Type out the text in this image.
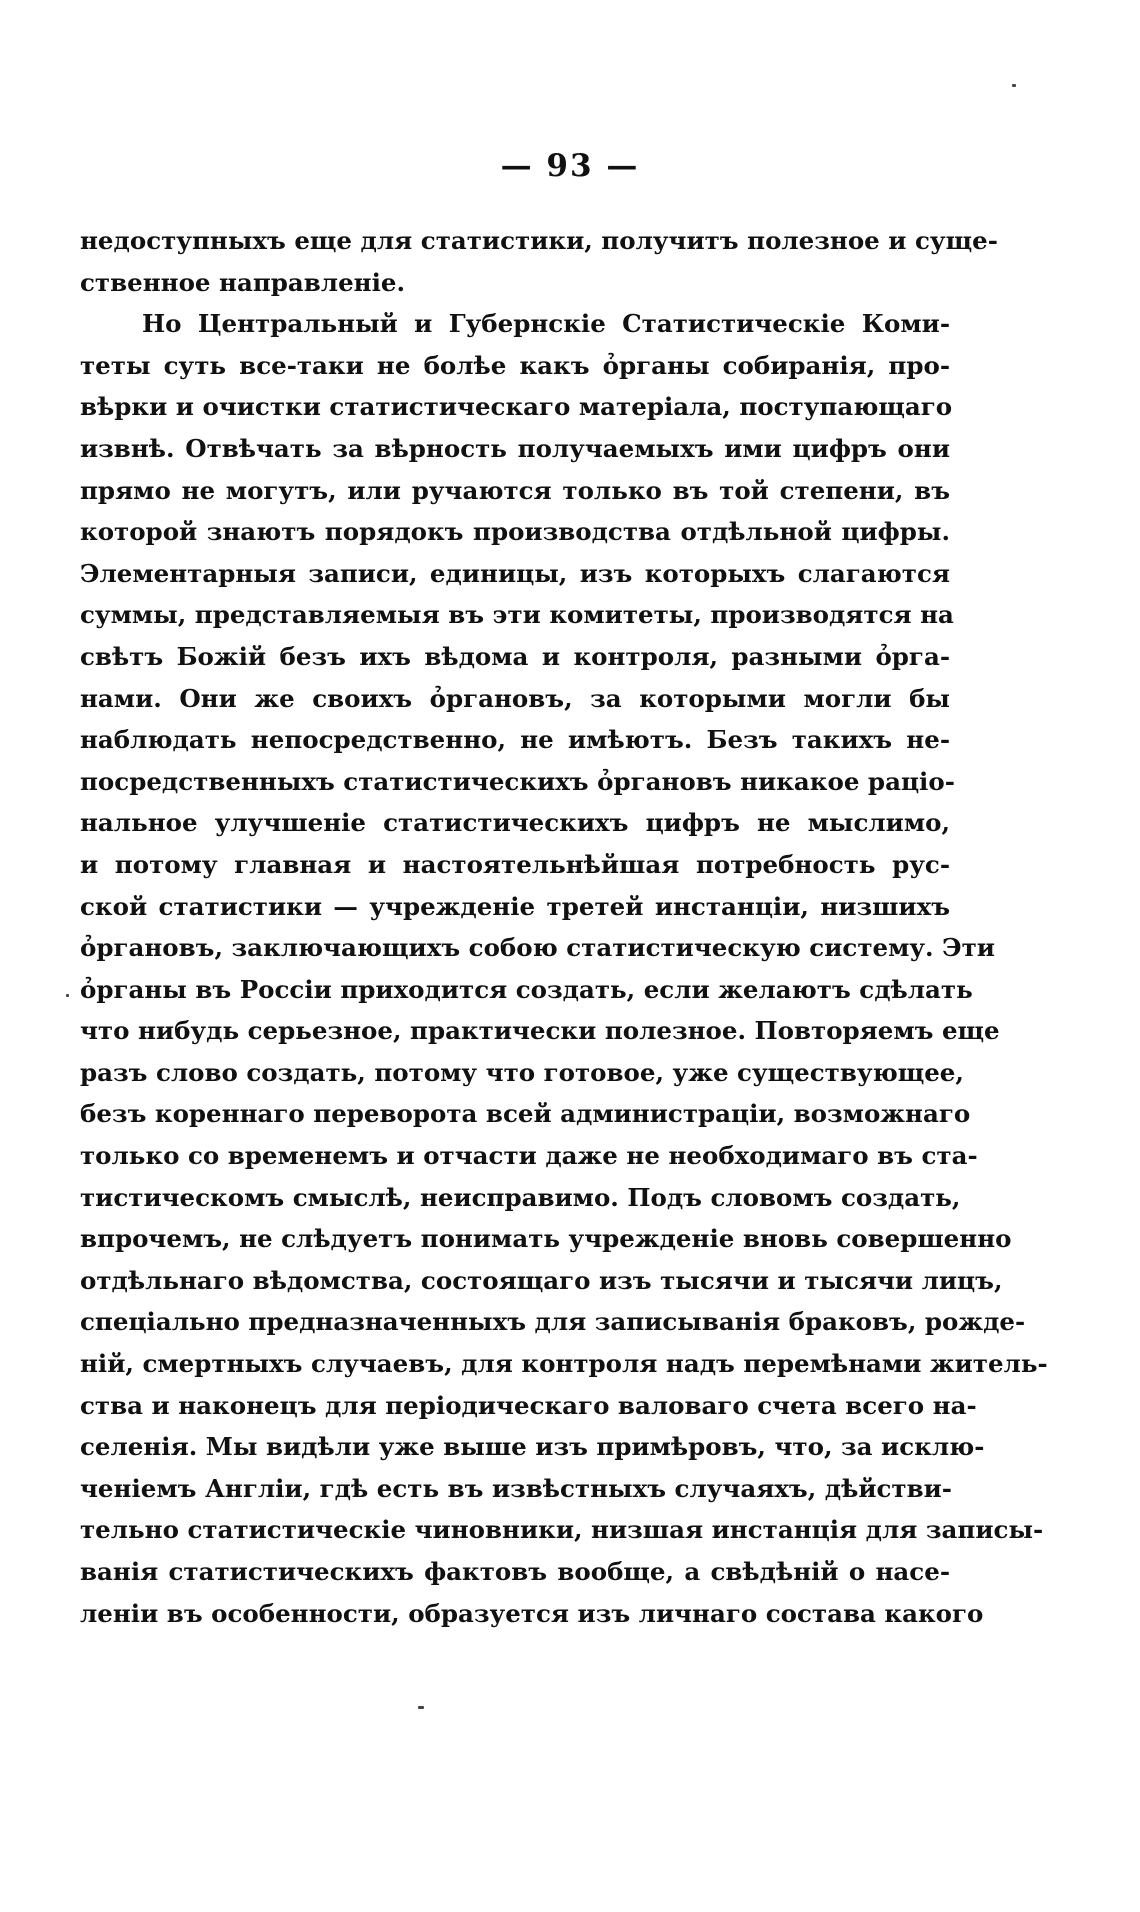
— 93 —
недоступныхъ еще для статистики, получитъ полезное и суще-
ственное направленіе.
Но Центральный и Губернскіе Статистическіе Коми-
теты суть все-таки не болѣе какъ ỏрганы собиранія, про-
вѣрки и очистки статистическаго матеріала, поступающаго
извнѣ. Отвѣчать за вѣрность получаемыхъ ими цифръ они
прямо не могутъ, или ручаются только въ той степени, въ
которой знаютъ порядокъ производства отдѣльной цифры.
Элементарныя записи, единицы, изъ которыхъ слагаются
суммы, представляемыя въ эти комитеты, производятся на
свѣтъ Божій безъ ихъ вѣдома и контроля, разными ỏрга-
нами. Они же своихъ ỏргановъ, за которыми могли бы
наблюдать непосредственно, не имѣютъ. Безъ такихъ не-
посредственныхъ статистическихъ ỏргановъ никакое раціо-
нальное улучшеніе статистическихъ цифръ не мыслимо,
и потому главная и настоятельнѣйшая потребность рус-
ской статистики — учрежденіе третей инстанціи, низшихъ
ỏргановъ, заключающихъ собою статистическую систему. Эти
ỏрганы въ Россіи приходится создать, если желаютъ сдѣлать
что нибудь серьезное, практически полезное. Повторяемъ еще
разъ слово создать, потому что готовое, уже существующее,
безъ кореннаго переворота всей администраціи, возможнаго
только со временемъ и отчасти даже не необходимаго въ ста-
тистическомъ смыслѣ, неисправимо. Подъ словомъ создать,
впрочемъ, не слѣдуетъ понимать учрежденіе вновь совершенно
отдѣльнаго вѣдомства, состоящаго изъ тысячи и тысячи лицъ,
спеціально предназначенныхъ для записыванія браковъ, рожде-
ній, смертныхъ случаевъ, для контроля надъ перемѣнами житель-
ства и наконецъ для періодическаго валоваго счета всего на-
селенія. Мы видѣли уже выше изъ примѣровъ, что, за исклю-
ченіемъ Англіи, гдѣ есть въ извѣстныхъ случаяхъ, дѣйстви-
тельно статистическіе чиновники, низшая инстанція для записы-
ванія статистическихъ фактовъ вообще, а свѣдѣній о насе-
леніи въ особенности, образуется изъ личнаго состава какого
